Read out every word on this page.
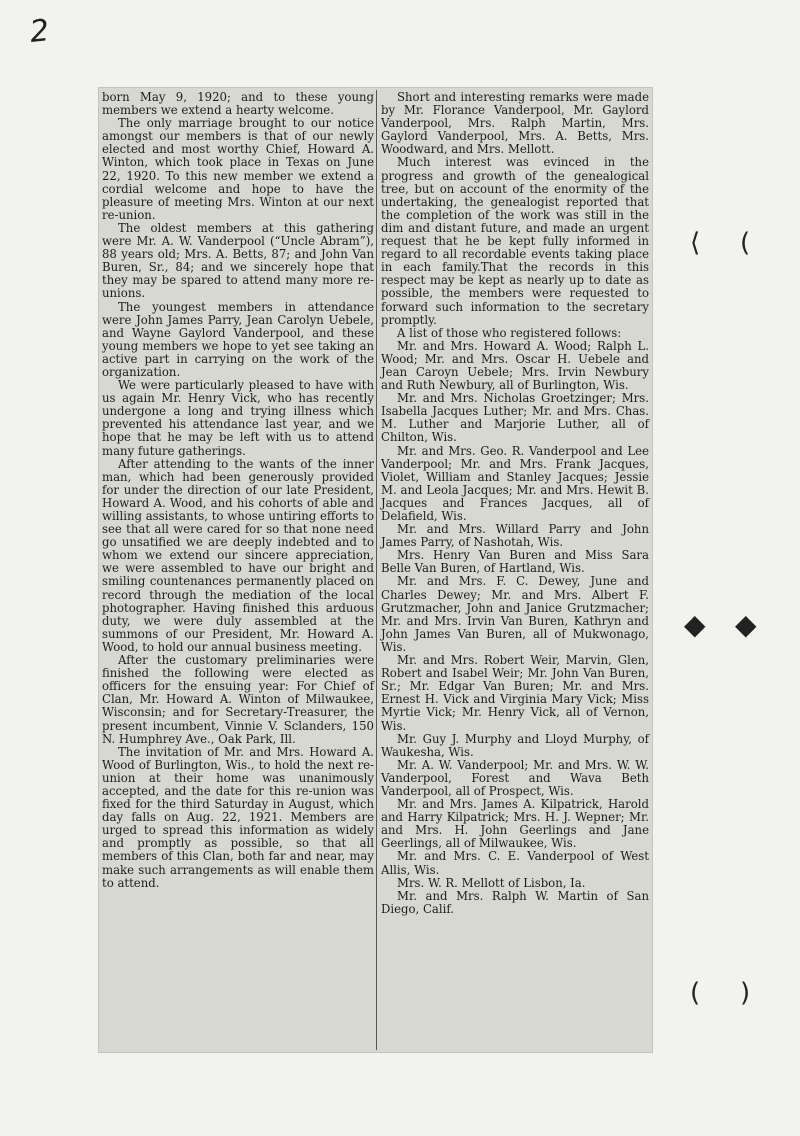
2

born May 9, 1920; and to these young members we extend a hearty welcome.

The only marriage brought to our notice amongst our members is that of our newly elected and most worthy Chief, Howard A. Winton, which took place in Texas on June 22, 1920. To this new member we extend a cordial welcome and hope to have the pleasure of meeting Mrs. Winton at our next re-union.

The oldest members at this gathering were Mr. A. W. Vanderpool (“Uncle Abram”), 88 years old; Mrs. A. Betts, 87; and John Van Buren, Sr., 84; and we sincerely hope that they may be spared to attend many more re-unions.

The youngest members in attendance were John James Parry, Jean Carolyn Uebele, and Wayne Gaylord Vanderpool, and these young members we hope to yet see taking an active part in carrying on the work of the organization.

We were particularly pleased to have with us again Mr. Henry Vick, who has recently undergone a long and trying illness which prevented his attendance last year, and we hope that he may be left with us to attend many future gatherings.

After attending to the wants of the inner man, which had been generously provided for under the direction of our late President, Howard A. Wood, and his cohorts of able and willing assistants, to whose untiring efforts to see that all were cared for so that none need go unsatified we are deeply indebted and to whom we extend our sincere appreciation, we were assembled to have our bright and smiling countenances permanently placed on record through the mediation of the local photographer. Having finished this arduous duty, we were duly assembled at the summons of our President, Mr. Howard A. Wood, to hold our annual business meeting.

After the customary preliminaries were finished the following were elected as officers for the ensuing year: For Chief of Clan, Mr. Howard A. Winton of Milwaukee, Wisconsin; and for Secretary-Treasurer, the present incumbent, Vinnie V. Sclanders, 150 N. Humphrey Ave., Oak Park, Ill.

The invitation of Mr. and Mrs. Howard A. Wood of Burlington, Wis., to hold the next re-union at their home was unanimously accepted, and the date for this re-union was fixed for the third Saturday in August, which day falls on Aug. 22, 1921. Members are urged to spread this information as widely and promptly as possible, so that all members of this Clan, both far and near, may make such arrangements as will enable them to attend.

Short and interesting remarks were made by Mr. Florance Vanderpool, Mr. Gaylord Vanderpool, Mrs. Ralph Martin, Mrs. Gaylord Vanderpool, Mrs. A. Betts, Mrs. Woodward, and Mrs. Mellott.

Much interest was evinced in the progress and growth of the genealogical tree, but on account of the enormity of the undertaking, the genealogist reported that the completion of the work was still in the dim and distant future, and made an urgent request that he be kept fully informed in regard to all recordable events taking place in each family.That the records in this respect may be kept as nearly up to date as possible, the members were requested to forward such information to the secretary promptly.

A list of those who registered follows:

Mr. and Mrs. Howard A. Wood; Ralph L. Wood; Mr. and Mrs. Oscar H. Uebele and Jean Caroyn Uebele; Mrs. Irvin Newbury and Ruth Newbury, all of Burlington, Wis.

Mr. and Mrs. Nicholas Groetzinger; Mrs. Isabella Jacques Luther; Mr. and Mrs. Chas. M. Luther and Marjorie Luther, all of Chilton, Wis.

Mr. and Mrs. Geo. R. Vanderpool and Lee Vanderpool; Mr. and Mrs. Frank Jacques, Violet, William and Stanley Jacques; Jessie M. and Leola Jacques; Mr. and Mrs. Hewit B. Jacques and Frances Jacques, all of Delafield, Wis.

Mr. and Mrs. Willard Parry and John James Parry, of Nashotah, Wis.

Mrs. Henry Van Buren and Miss Sara Belle Van Buren, of Hartland, Wis.

Mr. and Mrs. F. C. Dewey, June and Charles Dewey; Mr. and Mrs. Albert F. Grutzmacher, John and Janice Grutzmacher; Mr. and Mrs. Irvin Van Buren, Kathryn and John James Van Buren, all of Mukwonago, Wis.

Mr. and Mrs. Robert Weir, Marvin, Glen, Robert and Isabel Weir; Mr. John Van Buren, Sr.; Mr. Edgar Van Buren; Mr. and Mrs. Ernest H. Vick and Virginia Mary Vick; Miss Myrtie Vick; Mr. Henry Vick, all of Vernon, Wis.

Mr. Guy J. Murphy and Lloyd Murphy, of Waukesha, Wis.

Mr. A. W. Vanderpool; Mr. and Mrs. W. W. Vanderpool, Forest and Wava Beth Vanderpool, all of Prospect, Wis.

Mr. and Mrs. James A. Kilpatrick, Harold and Harry Kilpatrick; Mrs. H. J. Wepner; Mr. and Mrs. H. John Geerlings and Jane Geerlings, all of Milwaukee, Wis.

Mr. and Mrs. C. E. Vanderpool of West Allis, Wis.

Mrs. W. R. Mellott of Lisbon, Ia.

Mr. and Mrs. Ralph W. Martin of San Diego, Calif.

⟨ (
◆ ◆
( )
